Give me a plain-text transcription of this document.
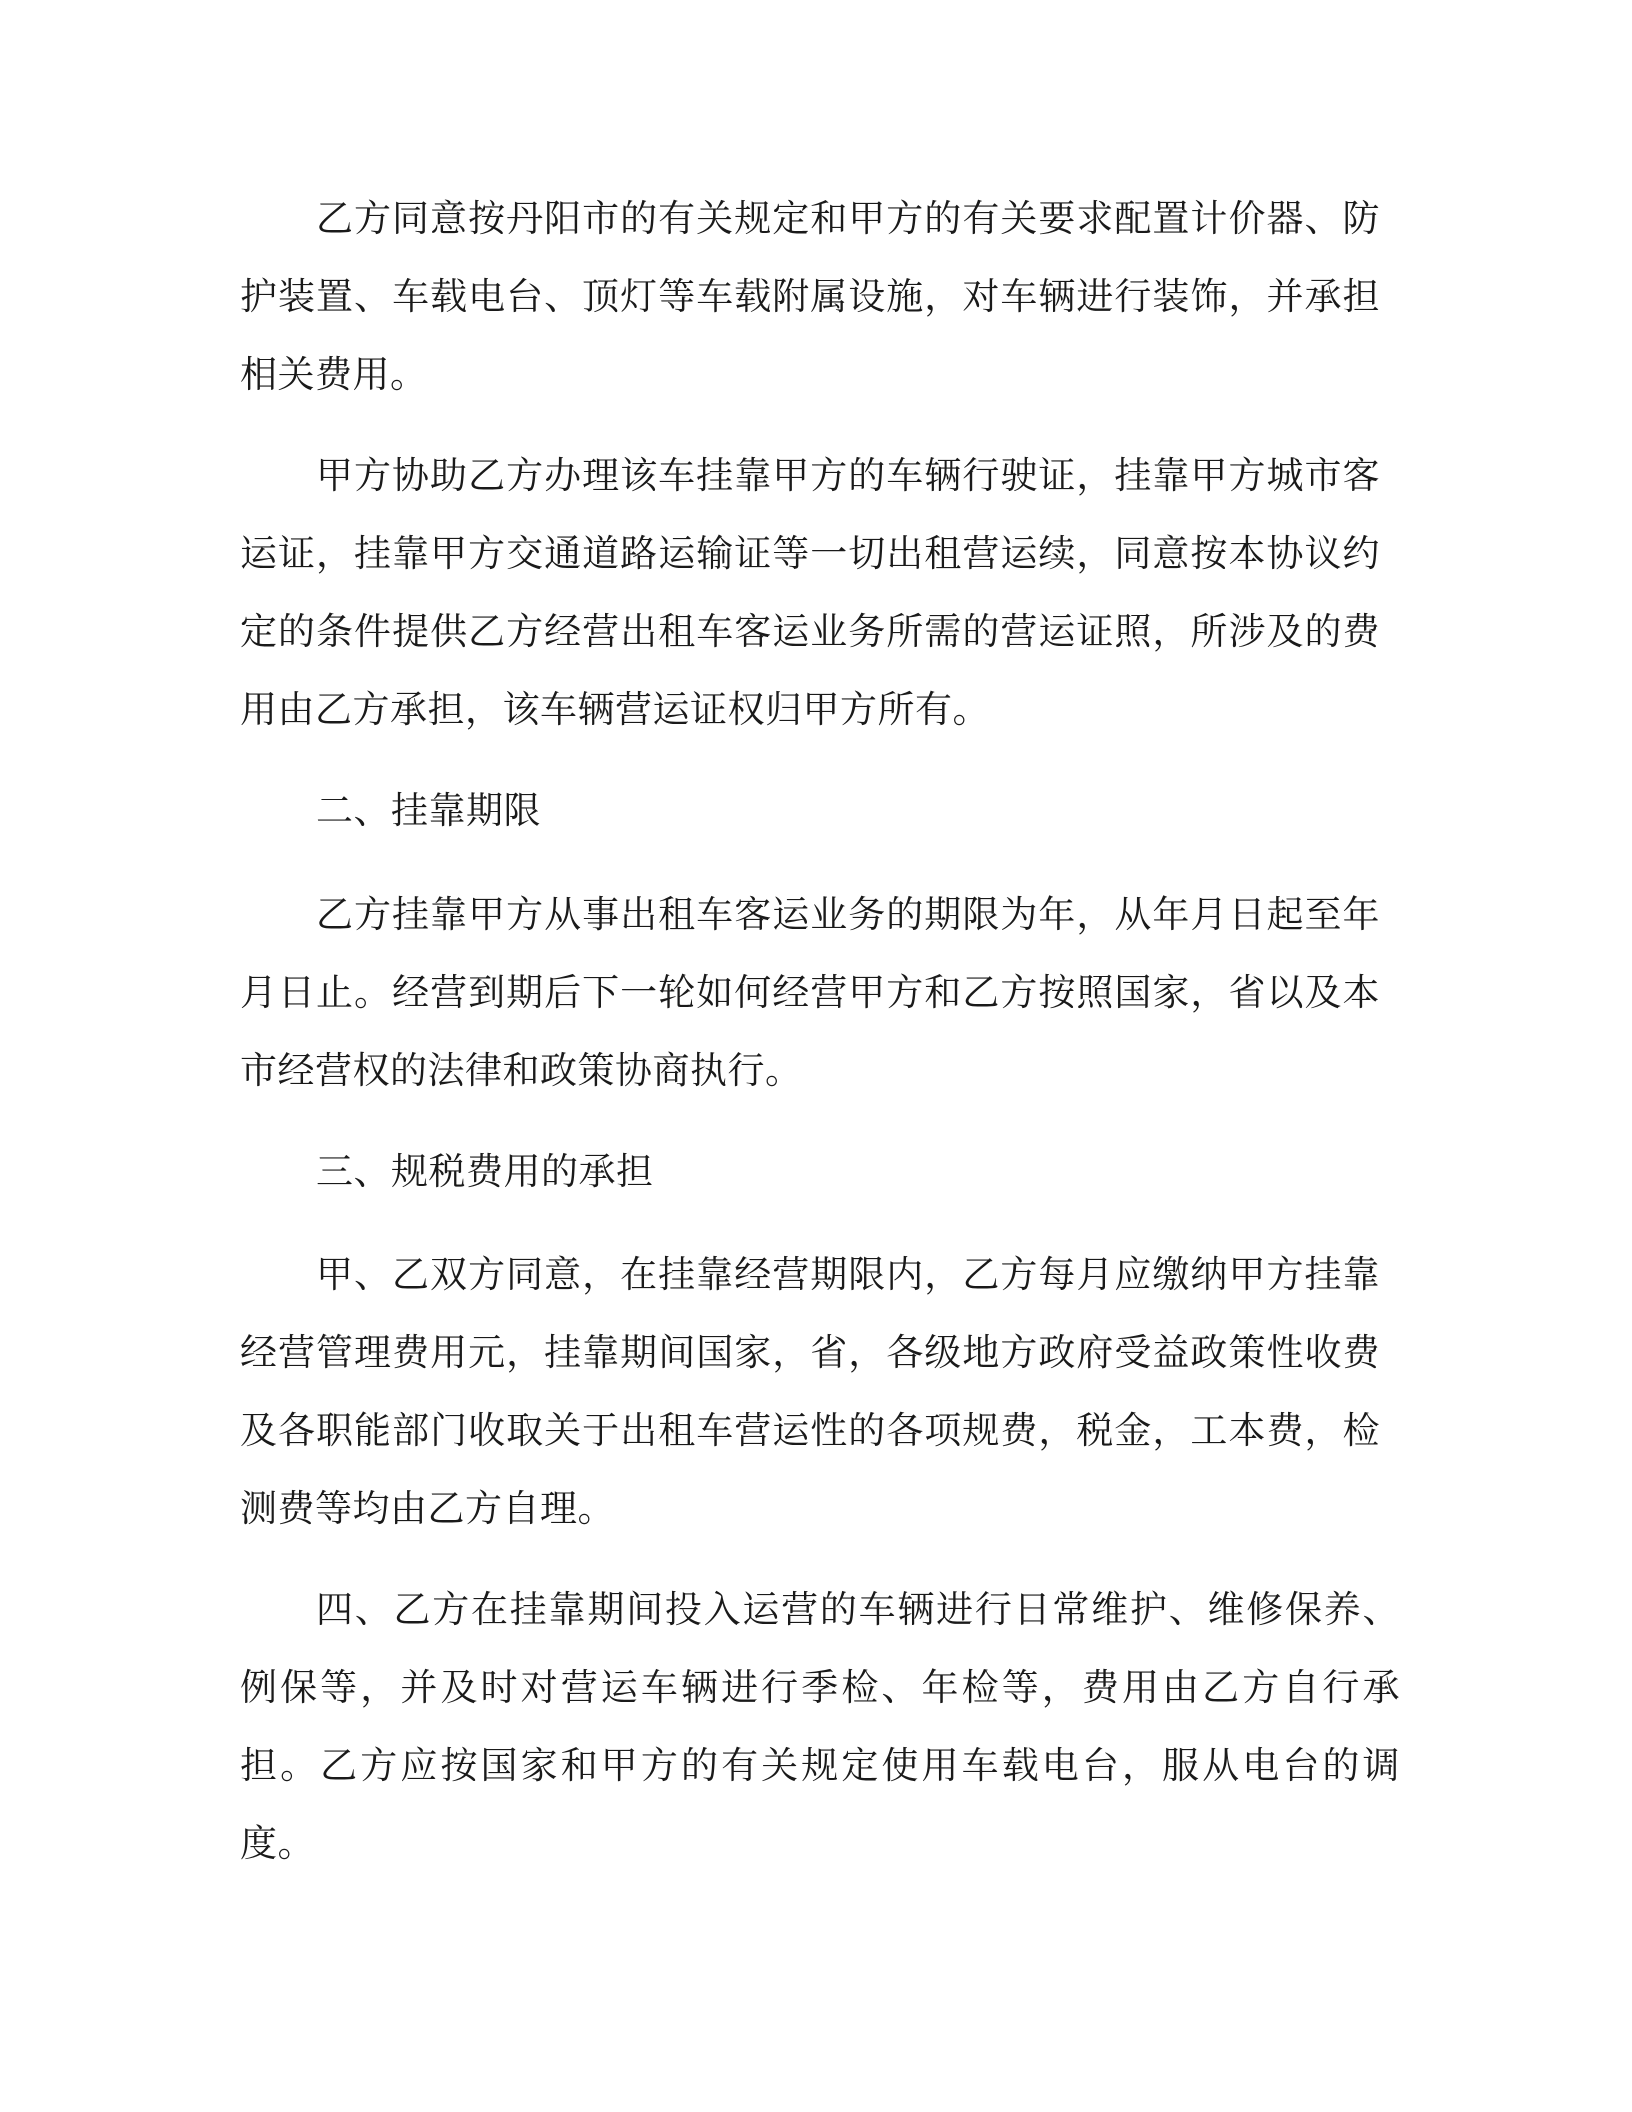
乙方同意按丹阳市的有关规定和甲方的有关要求配置计价器、防护装置、车载电台、顶灯等车载附属设施，对车辆进行装饰，并承担相关费用。

甲方协助乙方办理该车挂靠甲方的车辆行驶证，挂靠甲方城市客运证，挂靠甲方交通道路运输证等一切出租营运续，同意按本协议约定的条件提供乙方经营出租车客运业务所需的营运证照，所涉及的费用由乙方承担，该车辆营运证权归甲方所有。

二、挂靠期限

乙方挂靠甲方从事出租车客运业务的期限为年，从年月日起至年月日止。经营到期后下一轮如何经营甲方和乙方按照国家，省以及本市经营权的法律和政策协商执行。

三、规税费用的承担

甲、乙双方同意，在挂靠经营期限内，乙方每月应缴纳甲方挂靠经营管理费用元，挂靠期间国家，省，各级地方政府受益政策性收费及各职能部门收取关于出租车营运性的各项规费，税金，工本费，检测费等均由乙方自理。

四、乙方在挂靠期间投入运营的车辆进行日常维护、维修保养、例保等，并及时对营运车辆进行季检、年检等，费用由乙方自行承担。乙方应按国家和甲方的有关规定使用车载电台，服从电台的调度。
